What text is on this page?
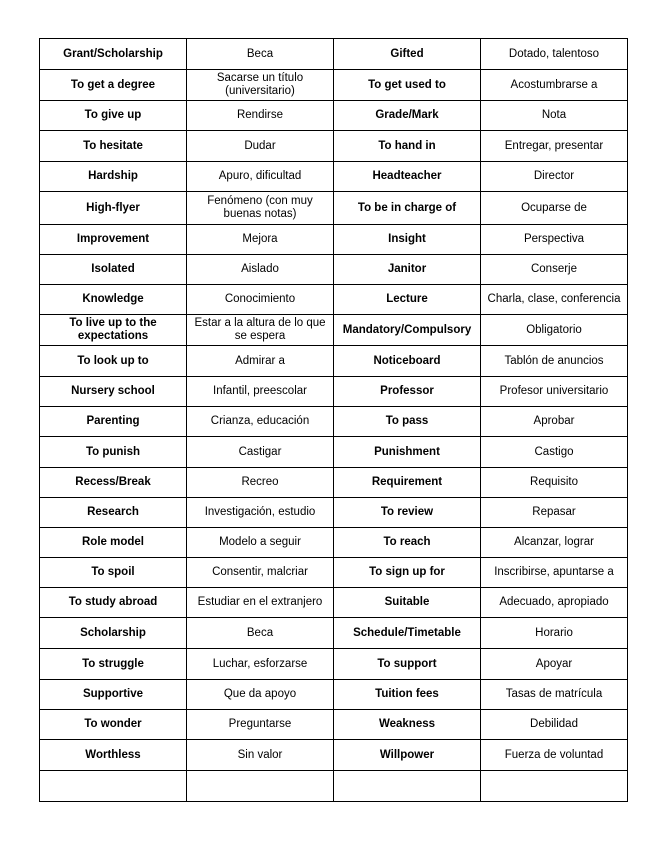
Grant/Scholarship	Beca	Gifted	Dotado, talentoso
To get a degree	Sacarse un título (universitario)	To get used to	Acostumbrarse a
To give up	Rendirse	Grade/Mark	Nota
To hesitate	Dudar	To hand in	Entregar, presentar
Hardship	Apuro, dificultad	Headteacher	Director
High-flyer	Fenómeno (con muy buenas notas)	To be in charge of	Ocuparse de
Improvement	Mejora	Insight	Perspectiva
Isolated	Aislado	Janitor	Conserje
Knowledge	Conocimiento	Lecture	Charla, clase, conferencia
To live up to the expectations	Estar a la altura de lo que se espera	Mandatory/Compulsory	Obligatorio
To look up to	Admirar a	Noticeboard	Tablón de anuncios
Nursery school	Infantil, preescolar	Professor	Profesor universitario
Parenting	Crianza, educación	To pass	Aprobar
To punish	Castigar	Punishment	Castigo
Recess/Break	Recreo	Requirement	Requisito
Research	Investigación, estudio	To review	Repasar
Role model	Modelo a seguir	To reach	Alcanzar, lograr
To spoil	Consentir, malcriar	To sign up for	Inscribirse, apuntarse a
To study abroad	Estudiar en el extranjero	Suitable	Adecuado, apropiado
Scholarship	Beca	Schedule/Timetable	Horario
To struggle	Luchar, esforzarse	To support	Apoyar
Supportive	Que da apoyo	Tuition fees	Tasas de matrícula
To wonder	Preguntarse	Weakness	Debilidad
Worthless	Sin valor	Willpower	Fuerza de voluntad
